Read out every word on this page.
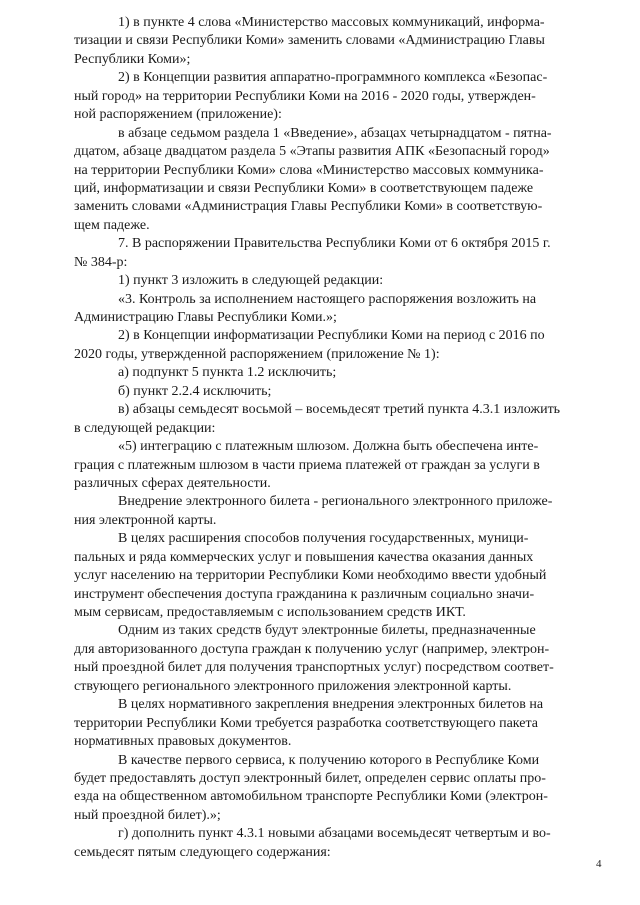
1) в пункте 4 слова «Министерство массовых коммуникаций, информа-
тизации и связи Республики Коми» заменить словами «Администрацию Главы
Республики Коми»;
2) в Концепции развития аппаратно-программного комплекса «Безопас-
ный город» на территории Республики Коми на 2016 - 2020 годы, утвержден-
ной распоряжением (приложение):
в абзаце седьмом раздела 1 «Введение», абзацах четырнадцатом - пятна-
дцатом, абзаце двадцатом раздела 5 «Этапы развития АПК «Безопасный город»
на территории Республики Коми» слова «Министерство массовых коммуника-
ций, информатизации и связи Республики Коми» в соответствующем падеже
заменить словами «Администрация Главы Республики Коми» в соответствую-
щем падеже.
7. В распоряжении Правительства Республики Коми от 6 октября 2015 г.
№ 384-р:
1) пункт 3 изложить в следующей редакции:
«3. Контроль за исполнением настоящего распоряжения возложить на
Администрацию Главы Республики Коми.»;
2) в Концепции информатизации Республики Коми на период с 2016 по
2020 годы, утвержденной распоряжением (приложение № 1):
а) подпункт 5 пункта 1.2 исключить;
б) пункт 2.2.4 исключить;
в) абзацы семьдесят восьмой – восемьдесят третий пункта 4.3.1 изложить
в следующей редакции:
«5) интеграцию с платежным шлюзом. Должна быть обеспечена инте-
грация с платежным шлюзом в части приема платежей от граждан за услуги в
различных сферах деятельности.
Внедрение электронного билета - регионального электронного приложе-
ния электронной карты.
В целях расширения способов получения государственных, муници-
пальных и ряда коммерческих услуг и повышения качества оказания данных
услуг населению на территории Республики Коми необходимо ввести удобный
инструмент обеспечения доступа гражданина к различным социально значи-
мым сервисам, предоставляемым с использованием средств ИКТ.
Одним из таких средств будут электронные билеты, предназначенные
для авторизованного доступа граждан к получению услуг (например, электрон-
ный проездной билет для получения транспортных услуг) посредством соответ-
ствующего регионального электронного приложения электронной карты.
В целях нормативного закрепления внедрения электронных билетов на
территории Республики Коми требуется разработка соответствующего пакета
нормативных правовых документов.
В качестве первого сервиса, к получению которого в Республике Коми
будет предоставлять доступ электронный билет, определен сервис оплаты про-
езда на общественном автомобильном транспорте Республики Коми (электрон-
ный проездной билет).»;
г) дополнить пункт 4.3.1 новыми абзацами восемьдесят четвертым и во-
семьдесят пятым следующего содержания:
4
